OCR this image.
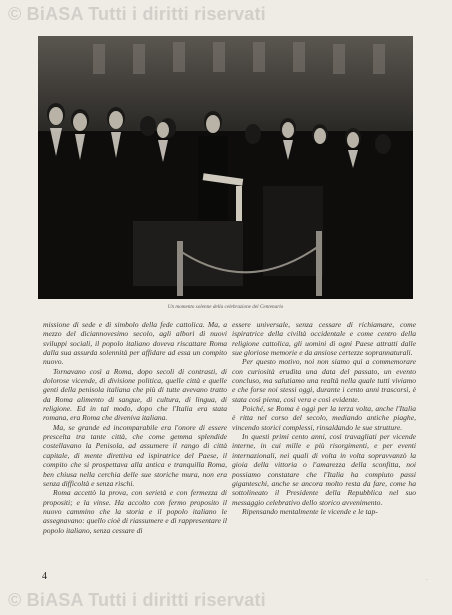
© BiASA Tutti i diritti riservati
Un momento solenne della celebrazione del Centenario

missione di sede e di simbolo della fede cattolica. Ma, a mezzo del diciannovesimo secolo, agli albori di nuovi sviluppi sociali, il popolo italiano doveva riscattare Roma dalla sua assurda solennità per affidare ad essa un compito nuovo.

Tornavano così a Roma, dopo secoli di contrasti, di dolorose vicende, di divisione politica, quelle città e quelle genti della penisola italiana che più di tutte avevano tratto da Roma alimento di sangue, di cultura, di lingua, di religione. Ed in tal modo, dopo che l'Italia era stata romana, era Roma che diveniva italiana.

Ma, se grande ed incomparabile era l'onore di essere prescelta tra tante città, che come gemma splendide costellavano la Penisola, ad assumere il rango di città capitale, di mente direttiva ed ispiratrice del Paese, il compito che si prospettava alla antica e tranquilla Roma, ben chiusa nella cerchia delle sue storiche mura, non era senza difficoltà e senza rischi.

Roma accettò la prova, con serietà e con fermezza di propositi; e la vinse. Ha accolto con fermo proposito il nuovo cammino che la storia e il popolo italiano le assegnavano: quello cioè di riassumere e di rappresentare il popolo italiano, senza cessare di

essere universale, senza cessare di richiamare, come ispiratrice della civiltà occidentale e come centro della religione cattolica, gli uomini di ogni Paese attratti dalle sue gloriose memorie e da ansiose certezze soprannaturali.

Per questo motivo, noi non siamo qui a commemorare con curiosità erudita una data del passato, un evento concluso, ma salutiamo una realtà nella quale tutti viviamo e che forse noi stessi oggi, durante i cento anni trascorsi, è stata così piena, così vera e così evidente.

Poiché, se Roma è oggi per la terza volta, anche l'Italia è ritta nel corso del secolo, mediando antiche piaghe, vincendo storici complessi, rinsaldando le sue strutture.

In questi primi cento anni, così travagliati per vicende interne, in cui mille e più risorgimenti, e per eventi internazionali, nei quali di volta in volta sopravvanzò la gioia della vittoria o l'amarezza della sconfitta, noi possiamo constatare che l'Italia ha compiuto passi giganteschi, anche se ancora molto resta da fare, come ha sottolineato il Presidente della Repubblica nel suo messaggio celebrativo dello storico avvenimento.

Ripensando mentalmente le vicende e le tap-

4	·
© BiASA Tutti i diritti riservati
